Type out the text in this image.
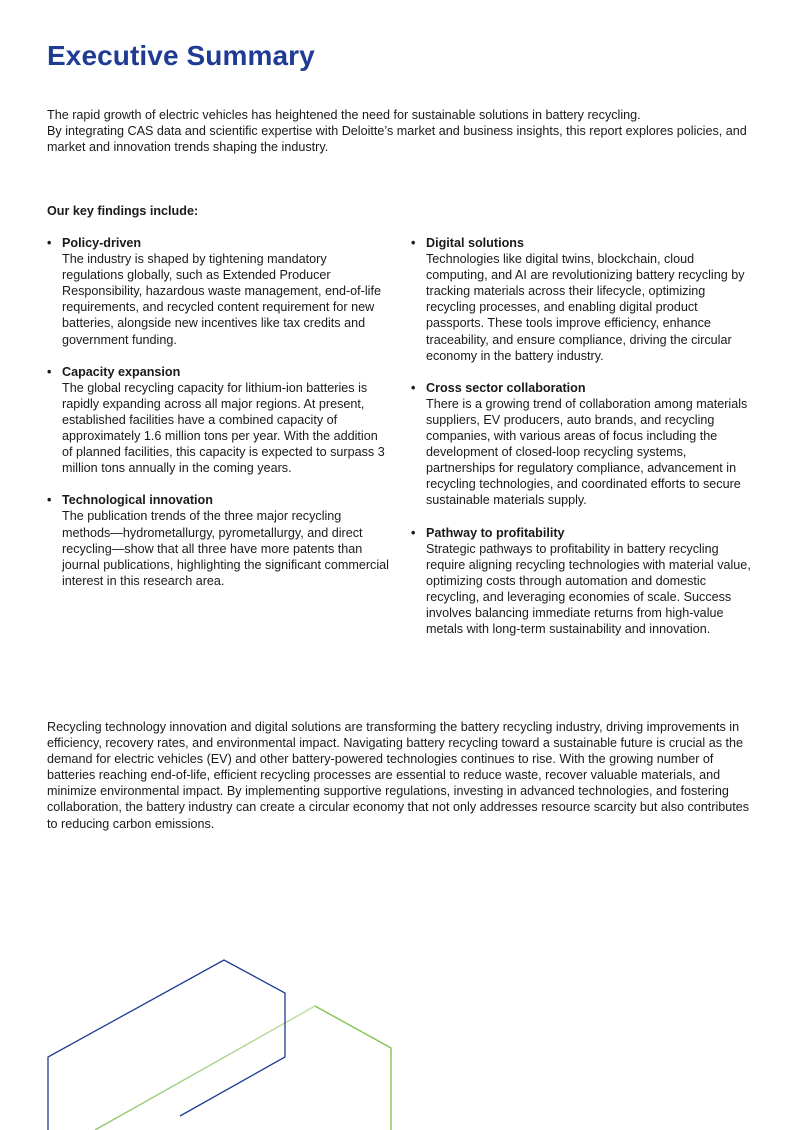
Executive Summary

The rapid growth of electric vehicles has heightened the need for sustainable solutions in battery recycling.

By integrating CAS data and scientific expertise with Deloitte’s market and business insights, this report explores policies, and market and innovation trends shaping the industry.

Our key findings include:

• Policy-driven
The industry is shaped by tightening mandatory regulations globally, such as Extended Producer Responsibility, hazardous waste management, end-of-life requirements, and recycled content requirement for new batteries, alongside new incentives like tax credits and government funding.
• Capacity expansion
The global recycling capacity for lithium-ion batteries is rapidly expanding across all major regions. At present, established facilities have a combined capacity of approximately 1.6 million tons per year. With the addition of planned facilities, this capacity is expected to surpass 3 million tons annually in the coming years.
• Technological innovation
The publication trends of the three major recycling methods—hydrometallurgy, pyrometallurgy, and direct recycling—show that all three have more patents than journal publications, highlighting the significant commercial interest in this research area.
• Digital solutions
Technologies like digital twins, blockchain, cloud computing, and AI are revolutionizing battery recycling by tracking materials across their lifecycle, optimizing recycling processes, and enabling digital product passports. These tools improve efficiency, enhance traceability, and ensure compliance, driving the circular economy in the battery industry.
• Cross sector collaboration
There is a growing trend of collaboration among materials suppliers, EV producers, auto brands, and recycling companies, with various areas of focus including the development of closed-loop recycling systems, partnerships for regulatory compliance, advancement in recycling technologies, and coordinated efforts to secure sustainable materials supply.
• Pathway to profitability
Strategic pathways to profitability in battery recycling require aligning recycling technologies with material value, optimizing costs through automation and domestic recycling, and leveraging economies of scale. Success involves balancing immediate returns from high-value metals with long-term sustainability and innovation.

Recycling technology innovation and digital solutions are transforming the battery recycling industry, driving improvements in efficiency, recovery rates, and environmental impact. Navigating battery recycling toward a sustainable future is crucial as the demand for electric vehicles (EV) and other battery-powered technologies continues to rise. With the growing number of batteries reaching end-of-life, efficient recycling processes are essential to reduce waste, recover valuable materials, and minimize environmental impact. By implementing supportive regulations, investing in advanced technologies, and fostering collaboration, the battery industry can create a circular economy that not only addresses resource scarcity but also contributes to reducing carbon emissions.
